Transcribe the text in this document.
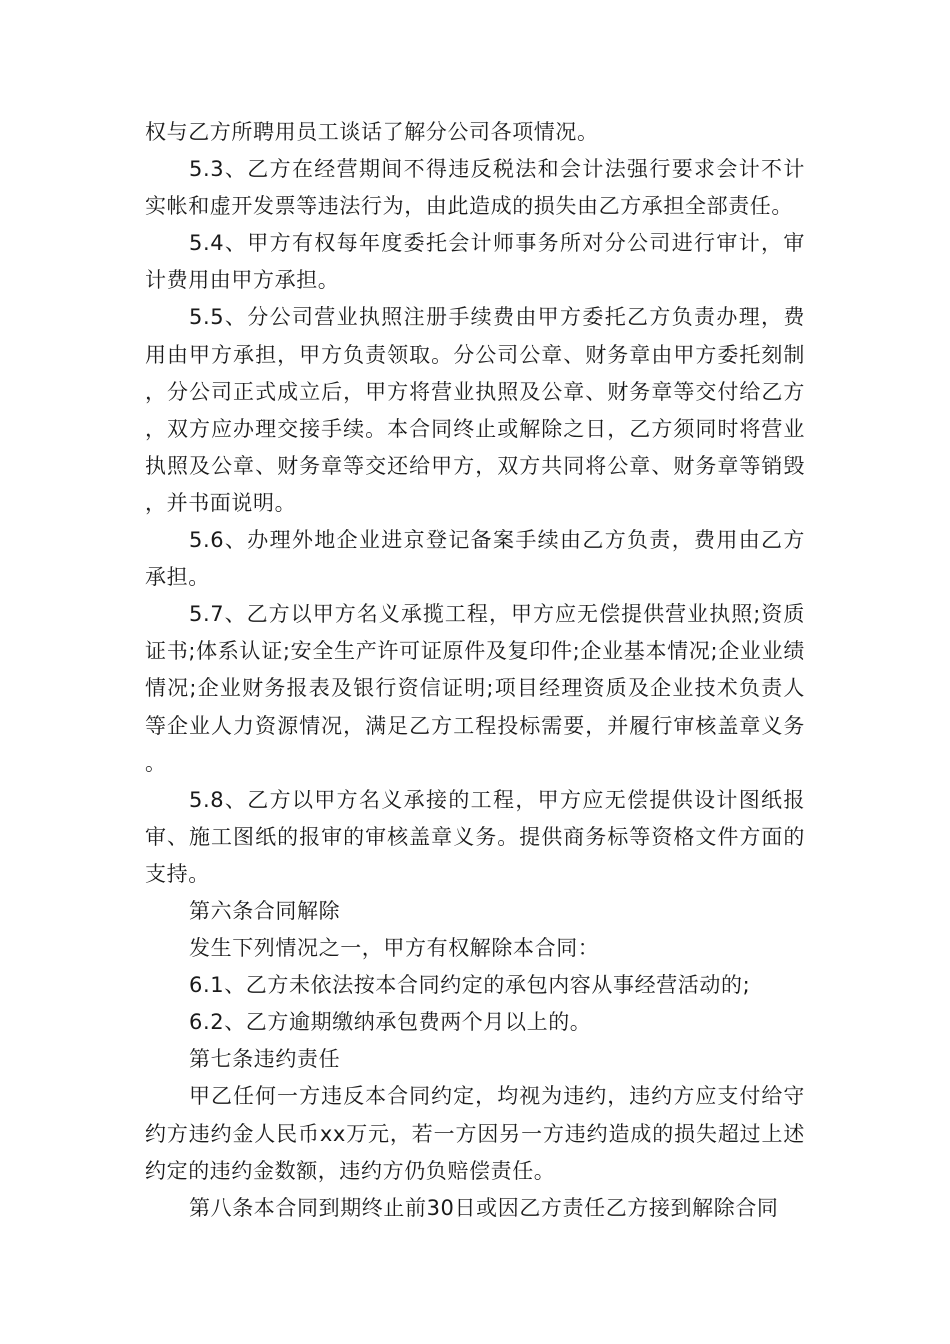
权与乙方所聘用员工谈话了解分公司各项情况。

5.3、乙方在经营期间不得违反税法和会计法强行要求会计不计实帐和虚开发票等违法行为，由此造成的损失由乙方承担全部责任。

5.4、甲方有权每年度委托会计师事务所对分公司进行审计，审计费用由甲方承担。

5.5、分公司营业执照注册手续费由甲方委托乙方负责办理，费用由甲方承担，甲方负责领取。分公司公章、财务章由甲方委托刻制，分公司正式成立后，甲方将营业执照及公章、财务章等交付给乙方，双方应办理交接手续。本合同终止或解除之日，乙方须同时将营业执照及公章、财务章等交还给甲方，双方共同将公章、财务章等销毁，并书面说明。

5.6、办理外地企业进京登记备案手续由乙方负责，费用由乙方承担。

5.7、乙方以甲方名义承揽工程，甲方应无偿提供营业执照;资质证书;体系认证;安全生产许可证原件及复印件;企业基本情况;企业业绩情况;企业财务报表及银行资信证明;项目经理资质及企业技术负责人等企业人力资源情况，满足乙方工程投标需要，并履行审核盖章义务。

5.8、乙方以甲方名义承接的工程，甲方应无偿提供设计图纸报审、施工图纸的报审的审核盖章义务。提供商务标等资格文件方面的支持。

第六条合同解除

发生下列情况之一，甲方有权解除本合同：

6.1、乙方未依法按本合同约定的承包内容从事经营活动的;

6.2、乙方逾期缴纳承包费两个月以上的。

第七条违约责任

甲乙任何一方违反本合同约定，均视为违约，违约方应支付给守约方违约金人民币xx万元，若一方因另一方违约造成的损失超过上述约定的违约金数额，违约方仍负赔偿责任。

第八条本合同到期终止前30日或因乙方责任乙方接到解除合同
